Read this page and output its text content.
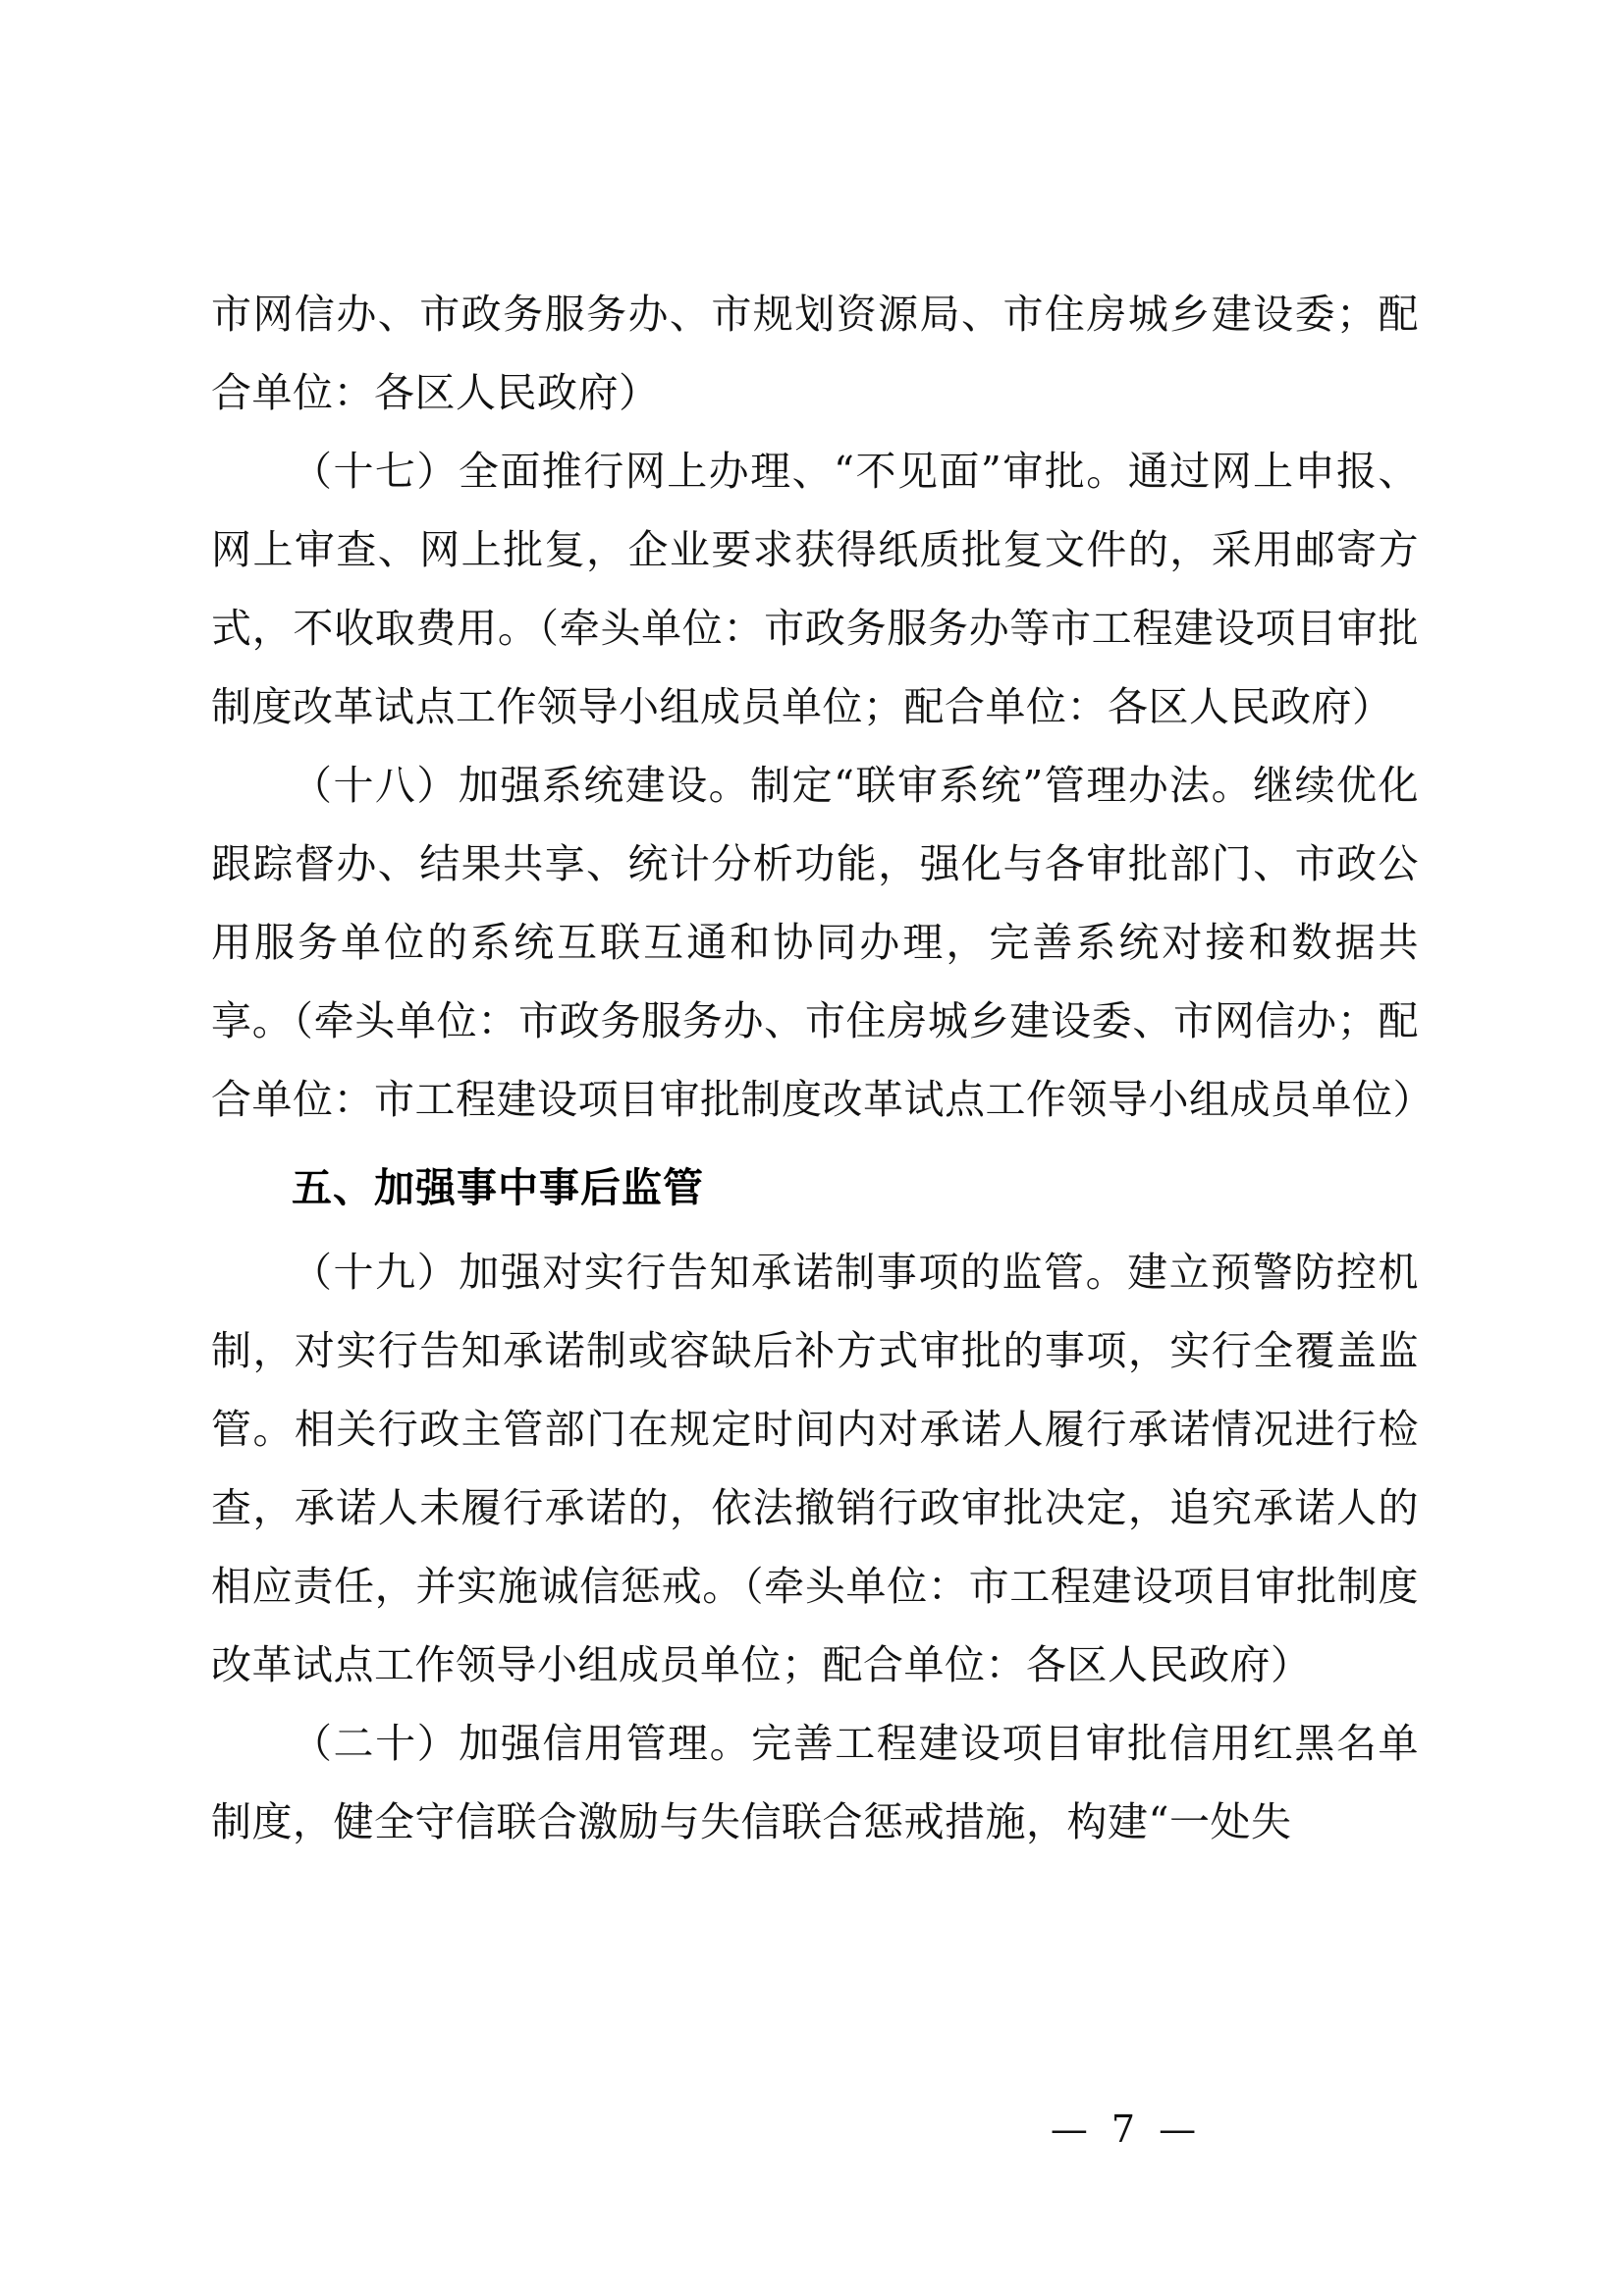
市网信办、市政务服务办、市规划资源局、市住房城乡建设委；配合单位：各区人民政府）

（十七）全面推行网上办理、“不见面”审批。通过网上申报、网上审查、网上批复，企业要求获得纸质批复文件的，采用邮寄方式，不收取费用。（牵头单位：市政务服务办等市工程建设项目审批制度改革试点工作领导小组成员单位；配合单位：各区人民政府）

（十八）加强系统建设。制定“联审系统”管理办法。继续优化跟踪督办、结果共享、统计分析功能，强化与各审批部门、市政公用服务单位的系统互联互通和协同办理，完善系统对接和数据共享。（牵头单位：市政务服务办、市住房城乡建设委、市网信办；配合单位：市工程建设项目审批制度改革试点工作领导小组成员单位）

五、加强事中事后监管

（十九）加强对实行告知承诺制事项的监管。建立预警防控机制，对实行告知承诺制或容缺后补方式审批的事项，实行全覆盖监管。相关行政主管部门在规定时间内对承诺人履行承诺情况进行检查，承诺人未履行承诺的，依法撤销行政审批决定，追究承诺人的相应责任，并实施诚信惩戒。（牵头单位：市工程建设项目审批制度改革试点工作领导小组成员单位；配合单位：各区人民政府）

（二十）加强信用管理。完善工程建设项目审批信用红黑名单制度，健全守信联合激励与失信联合惩戒措施，构建“一处失

— 7 —
